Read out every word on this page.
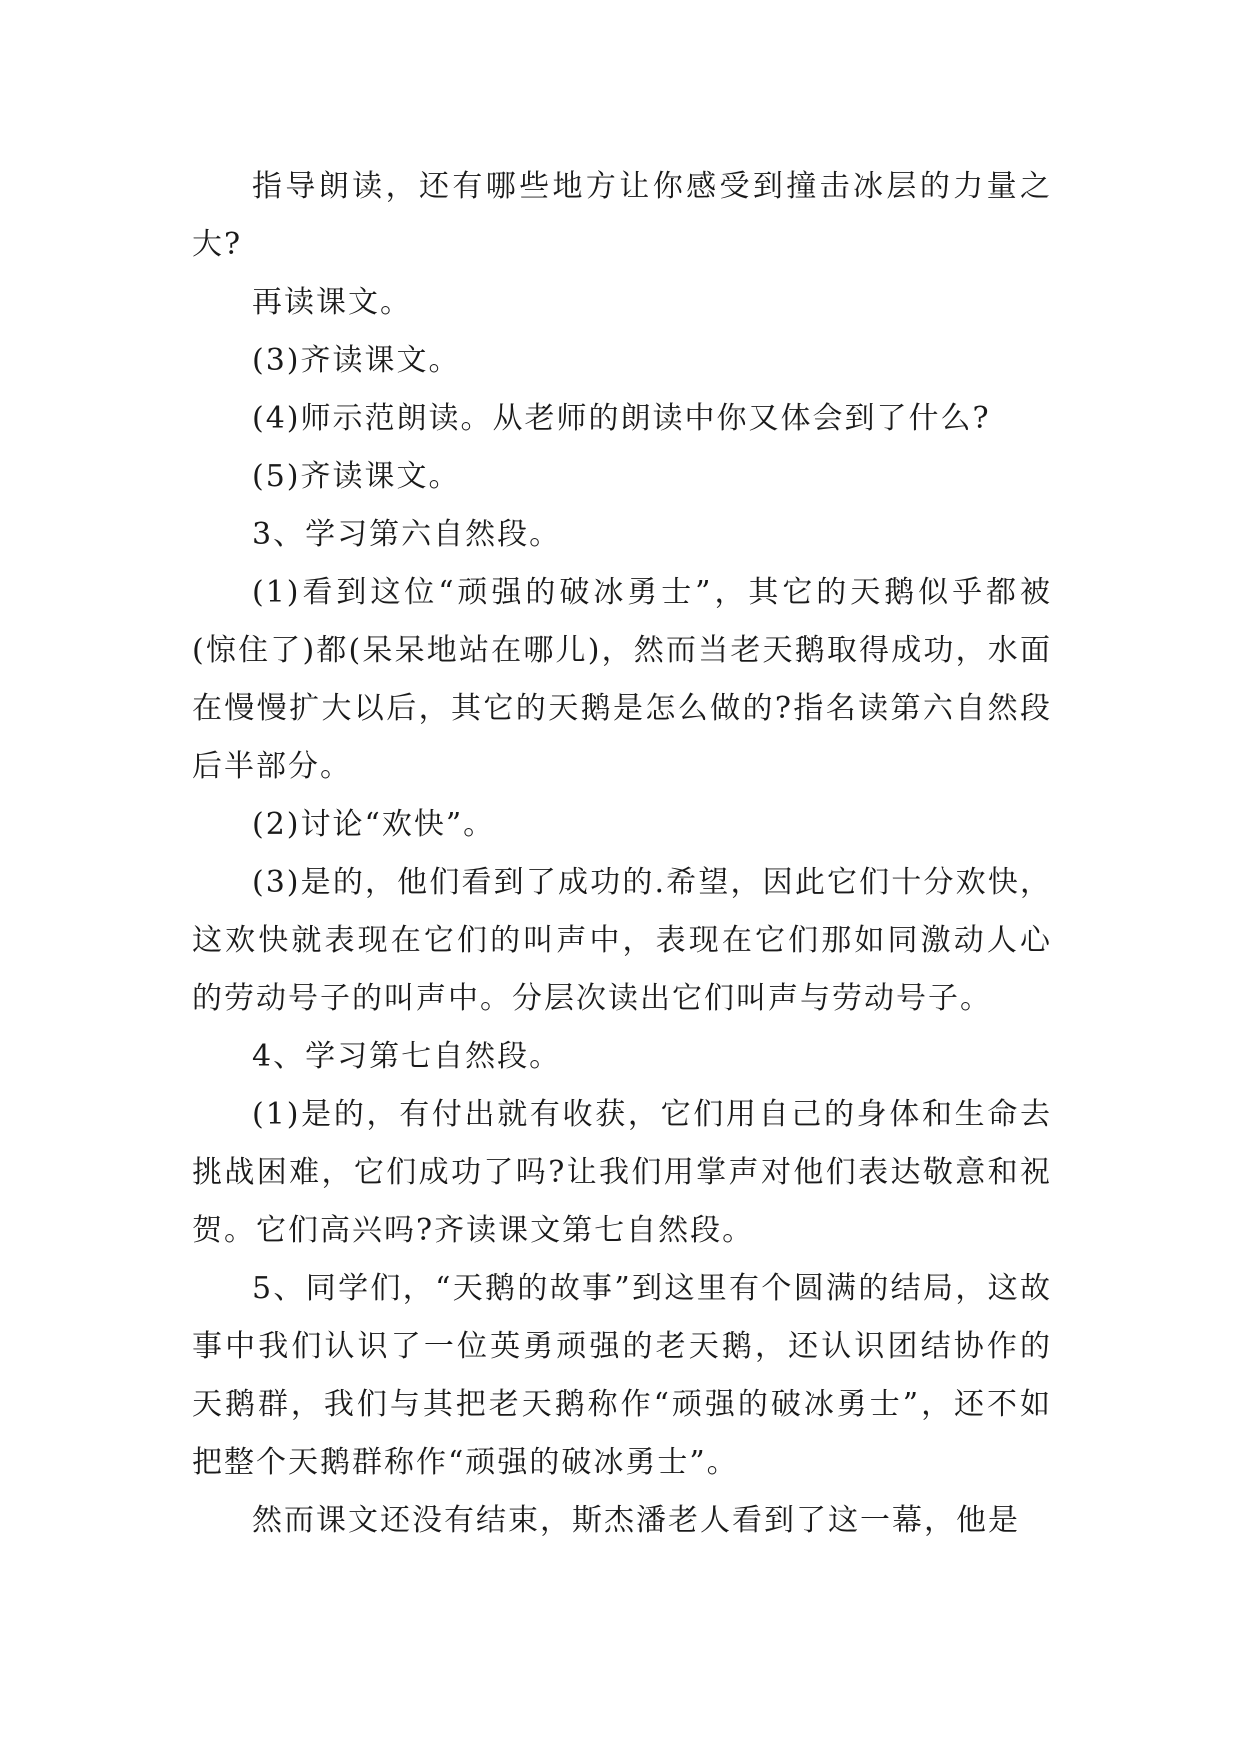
指导朗读，还有哪些地方让你感受到撞击冰层的力量之大?

再读课文。

(3)齐读课文。

(4)师示范朗读。从老师的朗读中你又体会到了什么?

(5)齐读课文。

3、学习第六自然段。

(1)看到这位“顽强的破冰勇士”，其它的天鹅似乎都被(惊住了)都(呆呆地站在哪儿)，然而当老天鹅取得成功，水面在慢慢扩大以后，其它的天鹅是怎么做的?指名读第六自然段后半部分。

(2)讨论“欢快”。

(3)是的，他们看到了成功的.希望，因此它们十分欢快，这欢快就表现在它们的叫声中，表现在它们那如同激动人心的劳动号子的叫声中。分层次读出它们叫声与劳动号子。

4、学习第七自然段。

(1)是的，有付出就有收获，它们用自己的身体和生命去挑战困难，它们成功了吗?让我们用掌声对他们表达敬意和祝贺。它们高兴吗?齐读课文第七自然段。

5、同学们，“天鹅的故事”到这里有个圆满的结局，这故事中我们认识了一位英勇顽强的老天鹅，还认识团结协作的天鹅群，我们与其把老天鹅称作“顽强的破冰勇士”，还不如把整个天鹅群称作“顽强的破冰勇士”。

然而课文还没有结束，斯杰潘老人看到了这一幕，他是
